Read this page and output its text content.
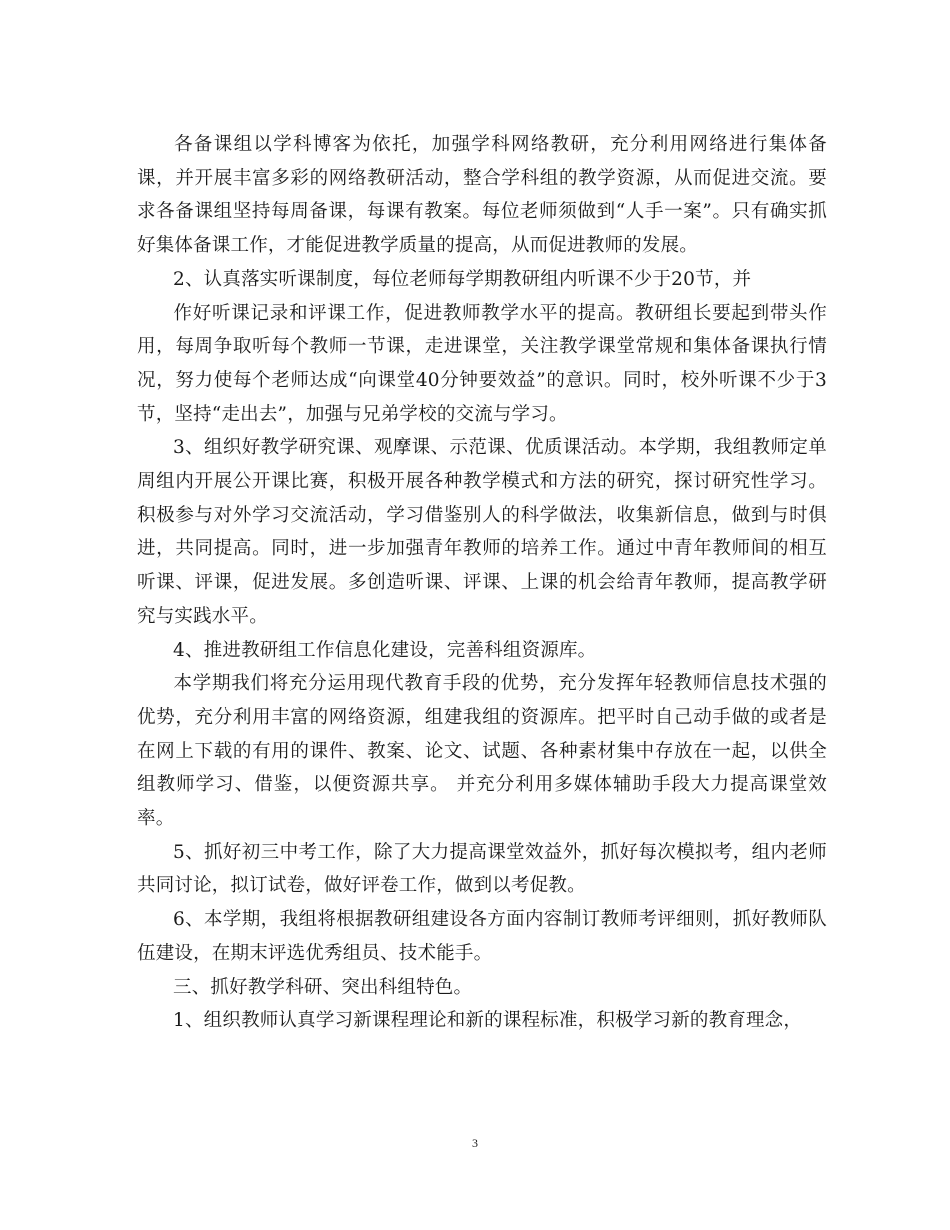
各备课组以学科博客为依托，加强学科网络教研，充分利用网络进行集体备课，并开展丰富多彩的网络教研活动，整合学科组的教学资源，从而促进交流。要求各备课组坚持每周备课，每课有教案。每位老师须做到“人手一案”。只有确实抓好集体备课工作，才能促进教学质量的提高，从而促进教师的发展。

2、认真落实听课制度，每位老师每学期教研组内听课不少于20节，并

作好听课记录和评课工作，促进教师教学水平的提高。教研组长要起到带头作用，每周争取听每个教师一节课，走进课堂，关注教学课堂常规和集体备课执行情况，努力使每个老师达成“向课堂40分钟要效益”的意识。同时，校外听课不少于3节，坚持“走出去”，加强与兄弟学校的交流与学习。

3、组织好教学研究课、观摩课、示范课、优质课活动。本学期，我组教师定单周组内开展公开课比赛，积极开展各种教学模式和方法的研究，探讨研究性学习。积极参与对外学习交流活动，学习借鉴别人的科学做法，收集新信息，做到与时俱进，共同提高。同时，进一步加强青年教师的培养工作。通过中青年教师间的相互听课、评课，促进发展。多创造听课、评课、上课的机会给青年教师，提高教学研究与实践水平。

4、推进教研组工作信息化建设，完善科组资源库。

本学期我们将充分运用现代教育手段的优势，充分发挥年轻教师信息技术强的优势，充分利用丰富的网络资源，组建我组的资源库。把平时自己动手做的或者是在网上下载的有用的课件、教案、论文、试题、各种素材集中存放在一起，以供全组教师学习、借鉴，以便资源共享。 并充分利用多媒体辅助手段大力提高课堂效率。

5、抓好初三中考工作，除了大力提高课堂效益外，抓好每次模拟考，组内老师共同讨论，拟订试卷，做好评卷工作，做到以考促教。

6、本学期，我组将根据教研组建设各方面内容制订教师考评细则，抓好教师队伍建设，在期末评选优秀组员、技术能手。

三、抓好教学科研、突出科组特色。

1、组织教师认真学习新课程理论和新的课程标准，积极学习新的教育理念，

3
